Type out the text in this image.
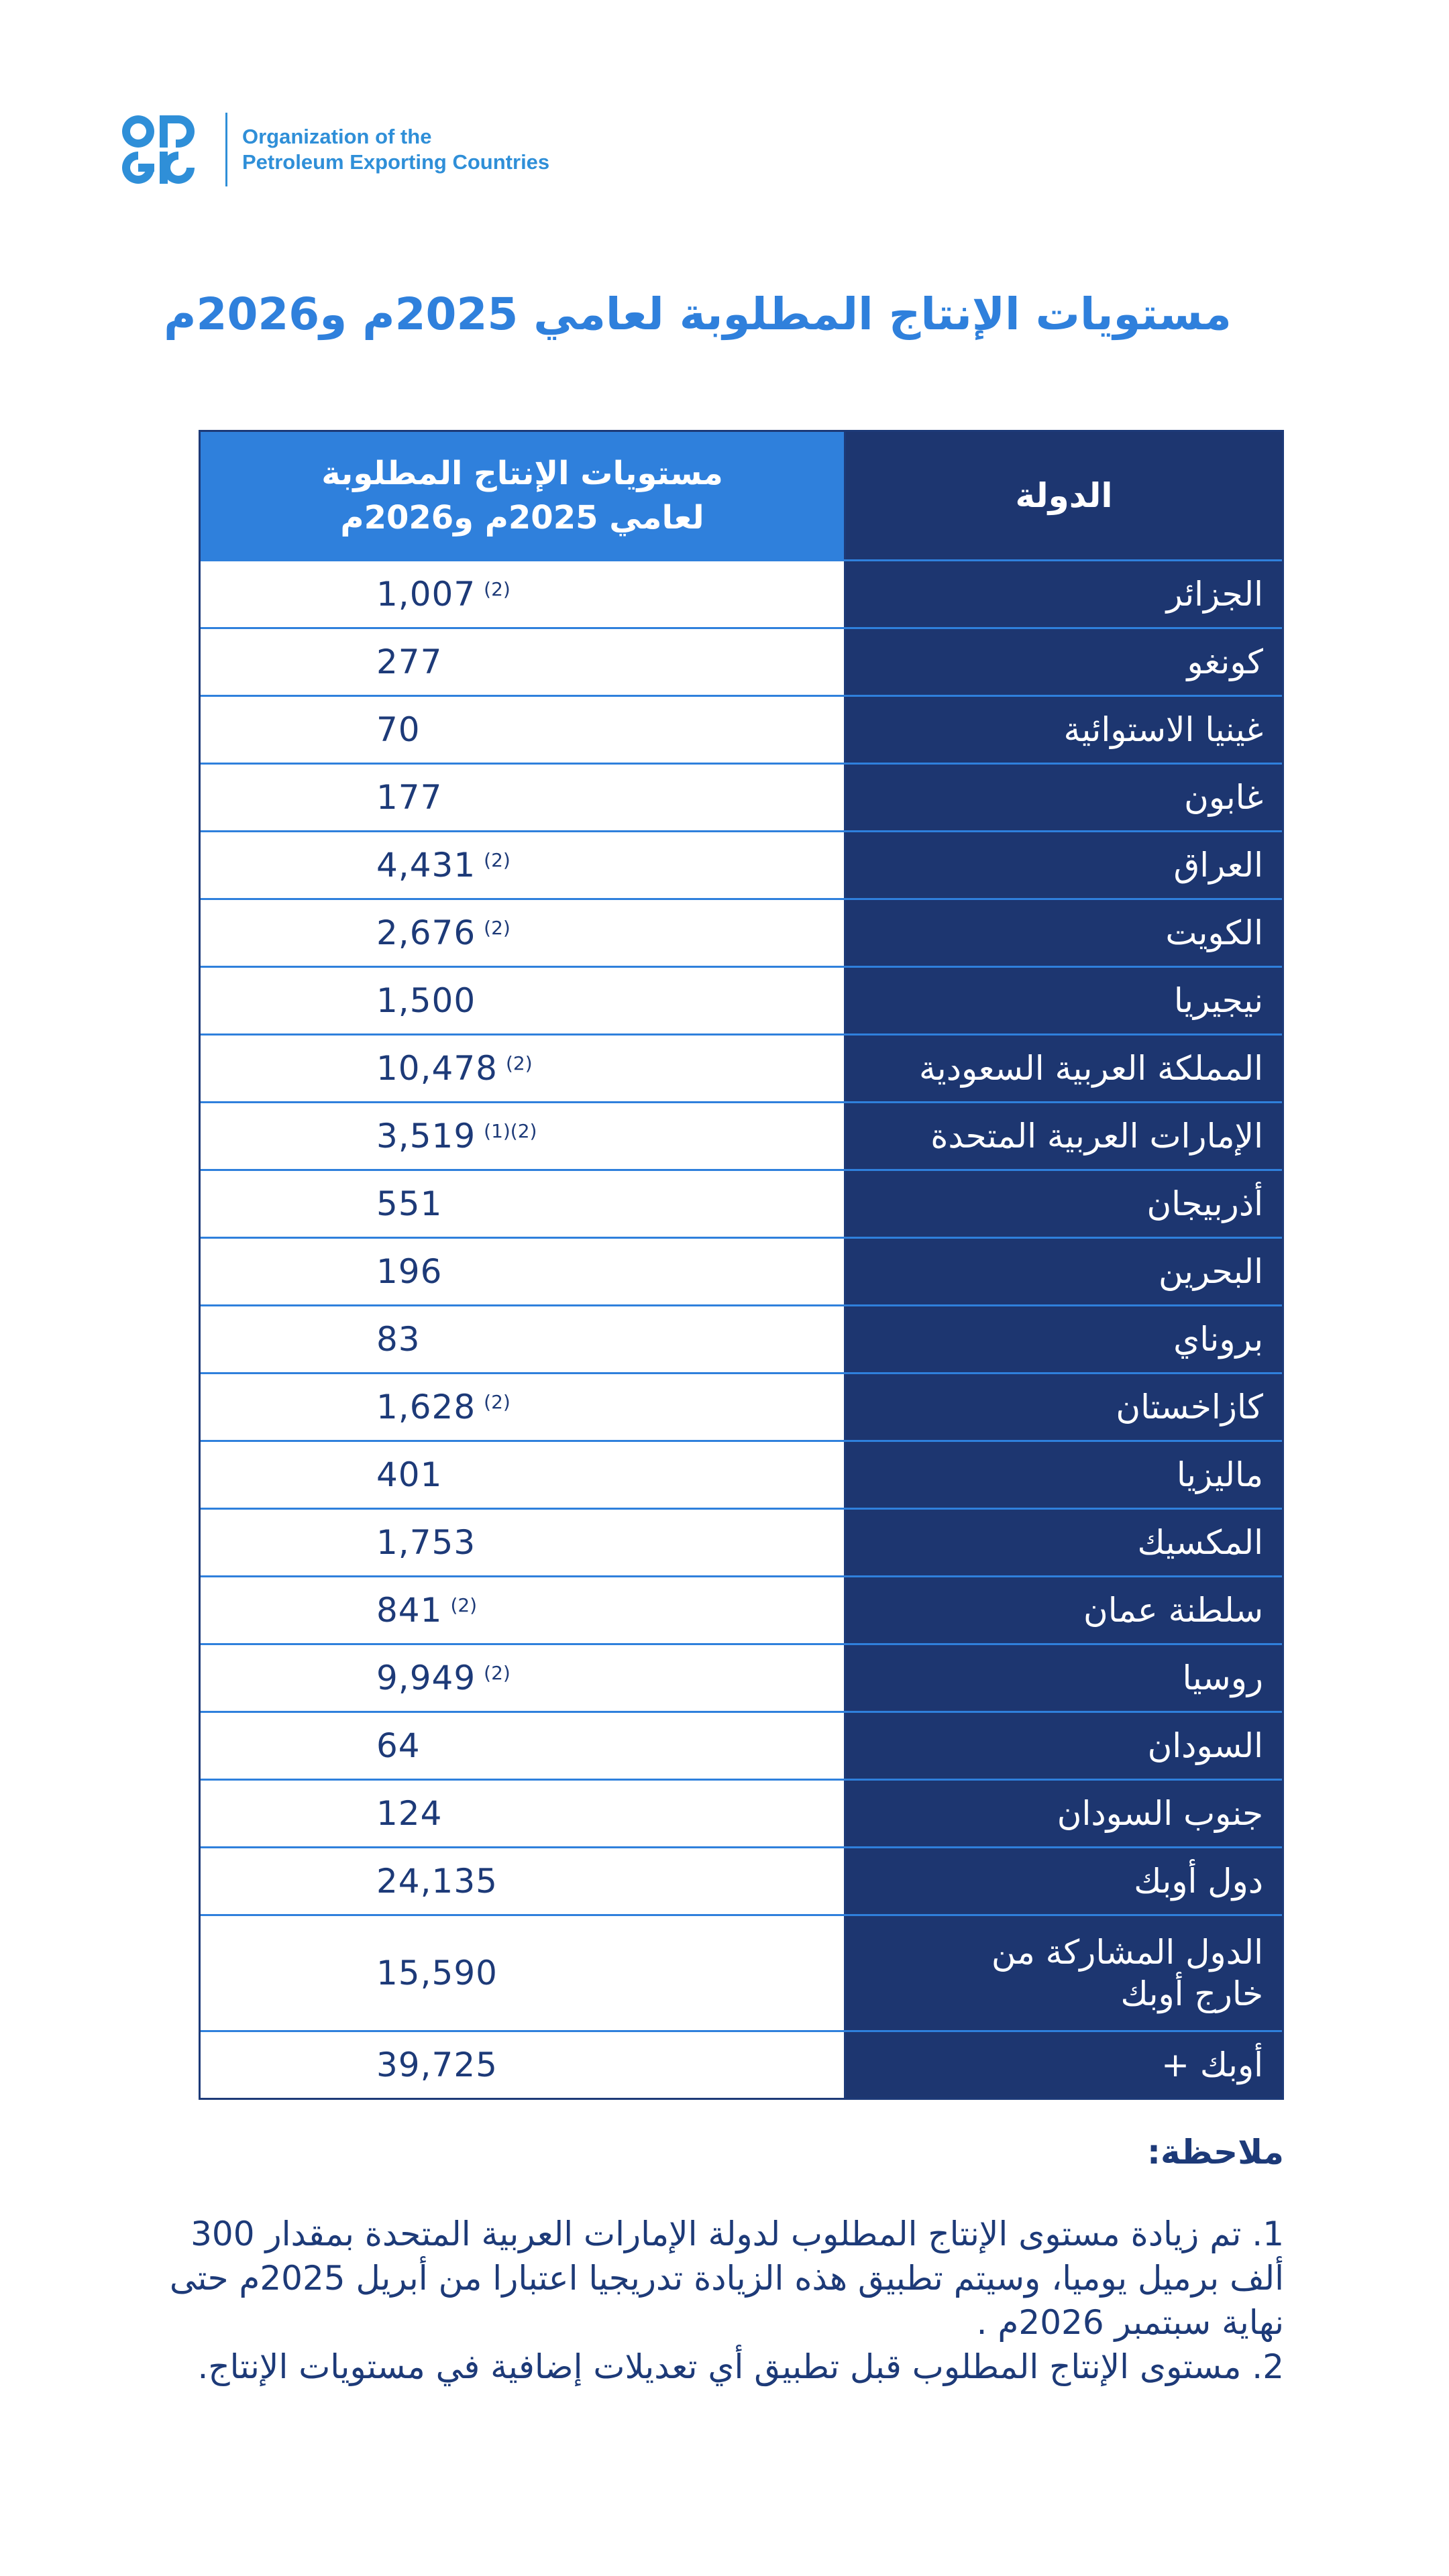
Organization of the
Petroleum Exporting Countries
مستويات الإنتاج المطلوبة لعامي 2025م و2026م
الدولة
مستويات الإنتاج المطلوبة
لعامي 2025م و2026م
الجزائر
1,007 $^{(2)}$
كونغو
277
غينيا الاستوائية
70
غابون
177
العراق
4,431 $^{(2)}$
الكويت
2,676 $^{(2)}$
نيجيريا
1,500
المملكة العربية السعودية
10,478 $^{(2)}$
الإمارات العربية المتحدة
3,519 $^{(1)(2)}$
أذربيجان
551
البحرين
196
بروناي
83
كازاخستان
1,628 $^{(2)}$
ماليزيا
401
المكسيك
1,753
سلطنة عمان
841 $^{(2)}$
روسيا
9,949 $^{(2)}$
السودان
64
جنوب السودان
124
دول أوبك
24,135
الدول المشاركة من خارج أوبك
15,590
أوبك +
39,725
ملاحظة:
1. تم زيادة مستوى الإنتاج المطلوب لدولة الإمارات العربية المتحدة بمقدار 300 ألف برميل يوميا، وسيتم تطبيق هذه الزيادة تدريجيا اعتبارا من أبريل 2025م حتى نهاية سبتمبر 2026م .
2. مستوى الإنتاج المطلوب قبل تطبيق أي تعديلات إضافية في مستويات الإنتاج.
